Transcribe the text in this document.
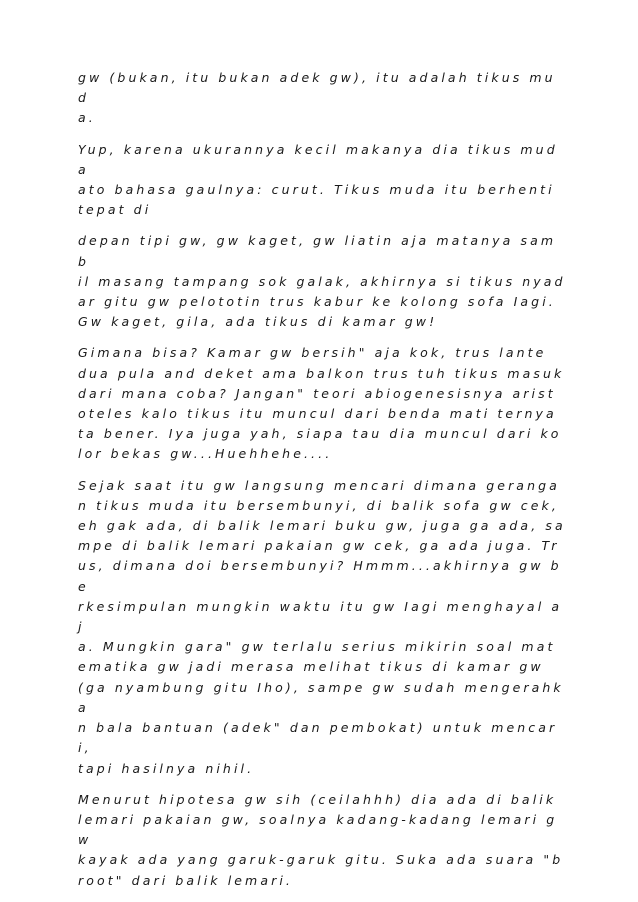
gw (bukan, itu bukan adek gw), itu adalah tikus mud
a.

Yup, karena ukurannya kecil makanya dia tikus muda
ato bahasa gaulnya: curut. Tikus muda itu berhenti
tepat di

depan tipi gw, gw kaget, gw liatin aja matanya samb
il masang tampang sok galak, akhirnya si tikus nyad
ar gitu gw pelototin trus kabur ke kolong sofa Iagi.
Gw kaget, gila, ada tikus di kamar gw!

Gimana bisa? Kamar gw bersih" aja kok, trus lante
dua pula and deket ama balkon trus tuh tikus masuk
dari mana coba? Jangan" teori abiogenesisnya arist
oteles kalo tikus itu muncul dari benda mati ternya
ta bener. Iya juga yah, siapa tau dia muncul dari ko
lor bekas gw...Huehhehe....

Sejak saat itu gw langsung mencari dimana geranga
n tikus muda itu bersembunyi, di balik sofa gw cek,
eh gak ada, di balik lemari buku gw, juga ga ada, sa
mpe di balik lemari pakaian gw cek, ga ada juga. Tr
us, dimana doi bersembunyi? Hmmm...akhirnya gw be
rkesimpulan mungkin waktu itu gw Iagi menghayal aj
a. Mungkin gara" gw terlalu serius mikirin soal mat
ematika gw jadi merasa melihat tikus di kamar gw
(ga nyambung gitu Iho), sampe gw sudah mengerahka
n bala bantuan (adek" dan pembokat) untuk mencari,
tapi hasilnya nihil.

Menurut hipotesa gw sih (ceilahhh) dia ada di balik
lemari pakaian gw, soalnya kadang-kadang lemari gw
kayak ada yang garuk-garuk gitu. Suka ada suara "b
root" dari balik lemari.
